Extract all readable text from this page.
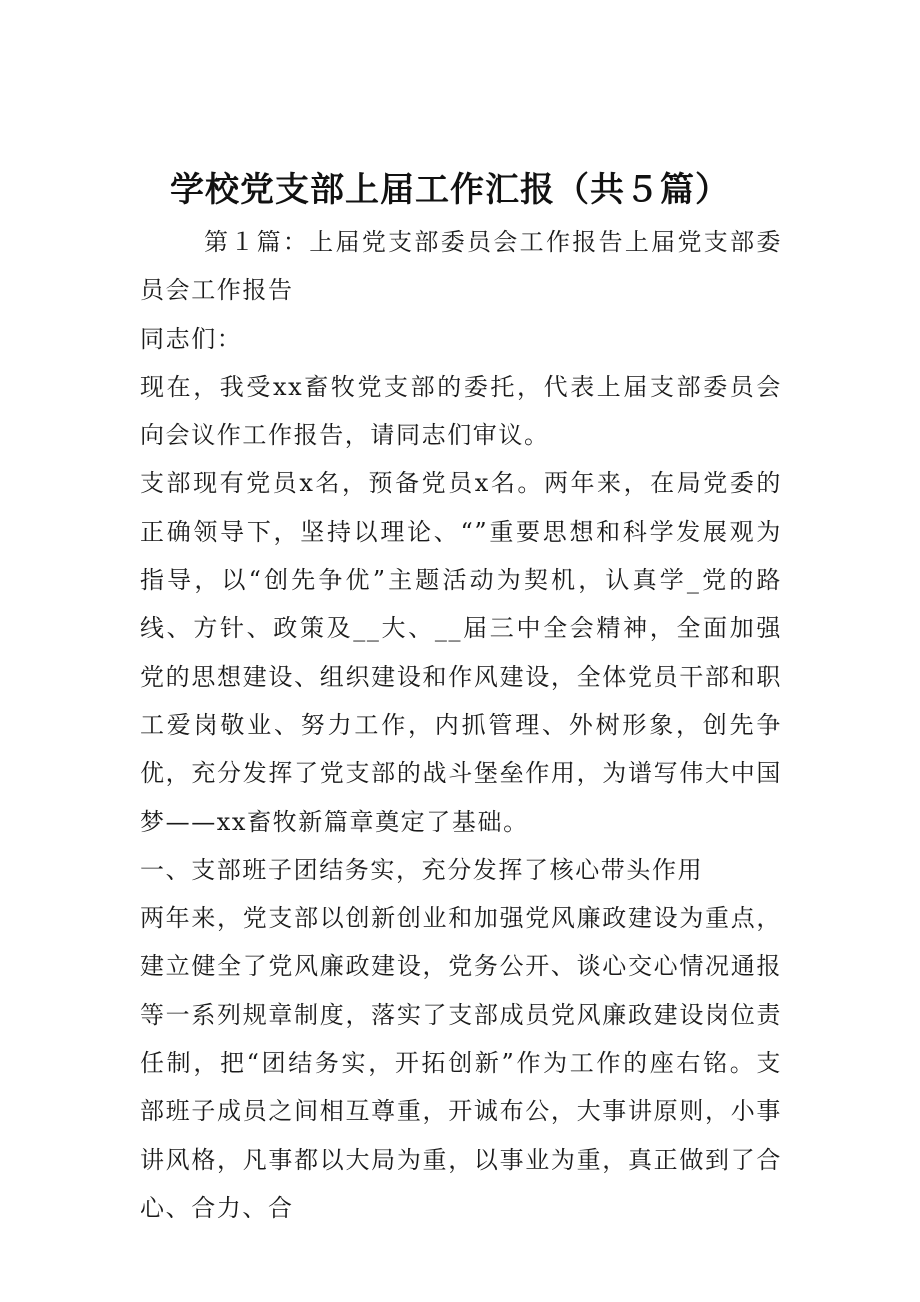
学校党支部上届工作汇报（共５篇）

第１篇：上届党支部委员会工作报告上届党支部委员会工作报告

同志们：

现在，我受xx畜牧党支部的委托，代表上届支部委员会向会议作工作报告，请同志们审议。

支部现有党员x名，预备党员x名。两年来，在局党委的正确领导下，坚持以理论、“”重要思想和科学发展观为指导，以“创先争优”主题活动为契机，认真学_党的路线、方针、政策及__大、__届三中全会精神，全面加强党的思想建设、组织建设和作风建设，全体党员干部和职工爱岗敬业、努力工作，内抓管理、外树形象，创先争优，充分发挥了党支部的战斗堡垒作用，为谱写伟大中国梦——xx畜牧新篇章奠定了基础。

一、支部班子团结务实，充分发挥了核心带头作用

两年来，党支部以创新创业和加强党风廉政建设为重点，建立健全了党风廉政建设，党务公开、谈心交心情况通报等一系列规章制度，落实了支部成员党风廉政建设岗位责任制，把“团结务实，开拓创新”作为工作的座右铭。支部班子成员之间相互尊重，开诚布公，大事讲原则，小事讲风格，凡事都以大局为重，以事业为重，真正做到了合心、合力、合
